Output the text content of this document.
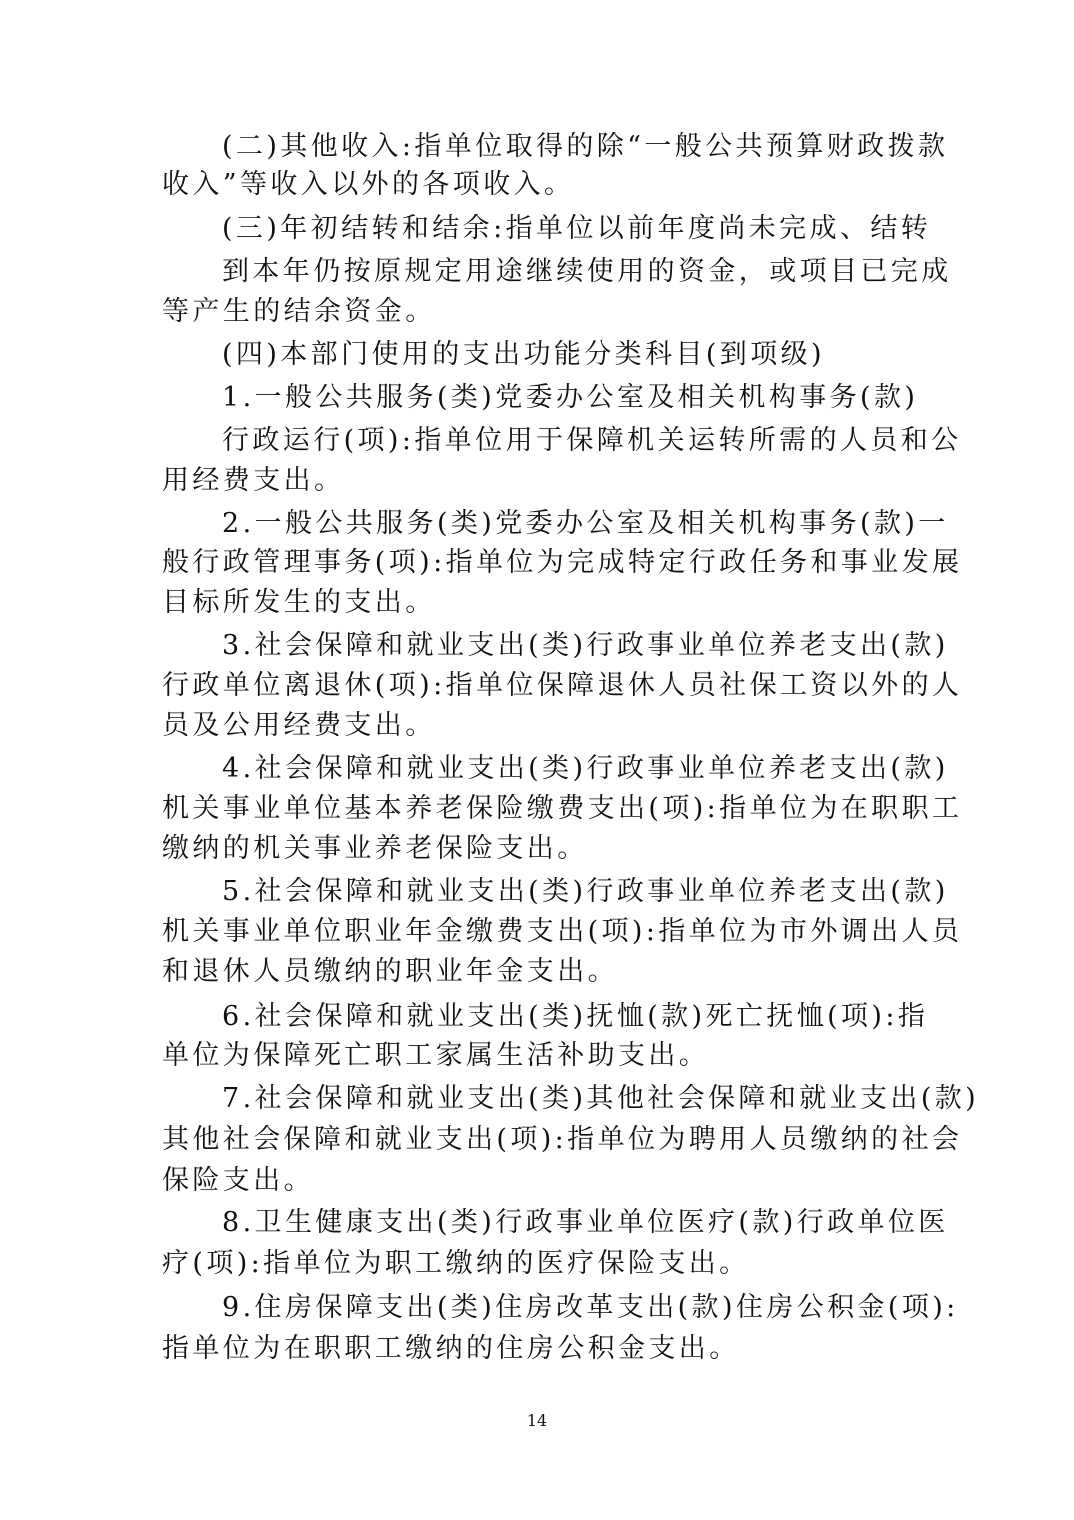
(二)其他收入:指单位取得的除“一般公共预算财政拨款
收入”等收入以外的各项收入。
(三)年初结转和结余:指单位以前年度尚未完成、结转
到本年仍按原规定用途继续使用的资金，或项目已完成
等产生的结余资金。
(四)本部门使用的支出功能分类科目(到项级)
1.一般公共服务(类)党委办公室及相关机构事务(款)
行政运行(项):指单位用于保障机关运转所需的人员和公
用经费支出。
2.一般公共服务(类)党委办公室及相关机构事务(款)一
般行政管理事务(项):指单位为完成特定行政任务和事业发展
目标所发生的支出。
3.社会保障和就业支出(类)行政事业单位养老支出(款)
行政单位离退休(项):指单位保障退休人员社保工资以外的人
员及公用经费支出。
4.社会保障和就业支出(类)行政事业单位养老支出(款)
机关事业单位基本养老保险缴费支出(项):指单位为在职职工
缴纳的机关事业养老保险支出。
5.社会保障和就业支出(类)行政事业单位养老支出(款)
机关事业单位职业年金缴费支出(项):指单位为市外调出人员
和退休人员缴纳的职业年金支出。
6.社会保障和就业支出(类)抚恤(款)死亡抚恤(项):指
单位为保障死亡职工家属生活补助支出。
7.社会保障和就业支出(类)其他社会保障和就业支出(款)
其他社会保障和就业支出(项):指单位为聘用人员缴纳的社会
保险支出。
8.卫生健康支出(类)行政事业单位医疗(款)行政单位医
疗(项):指单位为职工缴纳的医疗保险支出。
9.住房保障支出(类)住房改革支出(款)住房公积金(项):
指单位为在职职工缴纳的住房公积金支出。
14
